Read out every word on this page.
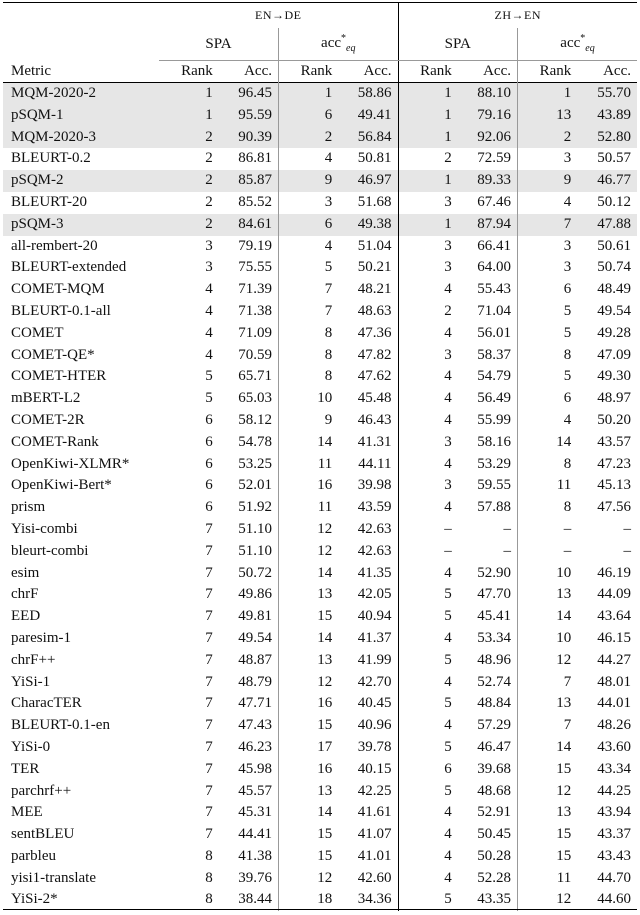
	EN→DE				ZH→EN			
	SPA		acc*$_{eq}$		SPA		acc*$_{eq}$
Metric	Rank	Acc.	Rank	Acc.	Rank	Acc.	Rank	Acc.
MQM-2020-2	1	96.45	1	58.86	1	88.10	1	55.70
pSQM-1	1	95.59	6	49.41	1	79.16	13	43.89
MQM-2020-3	2	90.39	2	56.84	1	92.06	2	52.80
BLEURT-0.2	2	86.81	4	50.81	2	72.59	3	50.57
pSQM-2	2	85.87	9	46.97	1	89.33	9	46.77
BLEURT-20	2	85.52	3	51.68	3	67.46	4	50.12
pSQM-3	2	84.61	6	49.38	1	87.94	7	47.88
all-rembert-20	3	79.19	4	51.04	3	66.41	3	50.61
BLEURT-extended	3	75.55	5	50.21	3	64.00	3	50.74
COMET-MQM	4	71.39	7	48.21	4	55.43	6	48.49
BLEURT-0.1-all	4	71.38	7	48.63	2	71.04	5	49.54
COMET	4	71.09	8	47.36	4	56.01	5	49.28
COMET-QE*	4	70.59	8	47.82	3	58.37	8	47.09
COMET-HTER	5	65.71	8	47.62	4	54.79	5	49.30
mBERT-L2	5	65.03	10	45.48	4	56.49	6	48.97
COMET-2R	6	58.12	9	46.43	4	55.99	4	50.20
COMET-Rank	6	54.78	14	41.31	3	58.16	14	43.57
OpenKiwi-XLMR*	6	53.25	11	44.11	4	53.29	8	47.23
OpenKiwi-Bert*	6	52.01	16	39.98	3	59.55	11	45.13
prism	6	51.92	11	43.59	4	57.88	8	47.56
Yisi-combi	7	51.10	12	42.63	–	–	–	–
bleurt-combi	7	51.10	12	42.63	–	–	–	–
esim	7	50.72	14	41.35	4	52.90	10	46.19
chrF	7	49.86	13	42.05	5	47.70	13	44.09
EED	7	49.81	15	40.94	5	45.41	14	43.64
paresim-1	7	49.54	14	41.37	4	53.34	10	46.15
chrF++	7	48.87	13	41.99	5	48.96	12	44.27
YiSi-1	7	48.79	12	42.70	4	52.74	7	48.01
CharacTER	7	47.71	16	40.45	5	48.84	13	44.01
BLEURT-0.1-en	7	47.43	15	40.96	4	57.29	7	48.26
YiSi-0	7	46.23	17	39.78	5	46.47	14	43.60
TER	7	45.98	16	40.15	6	39.68	15	43.34
parchrf++	7	45.57	13	42.25	5	48.68	12	44.25
MEE	7	45.31	14	41.61	4	52.91	13	43.94
sentBLEU	7	44.41	15	41.07	4	50.45	15	43.37
parbleu	8	41.38	15	41.01	4	50.28	15	43.43
yisi1-translate	8	39.76	12	42.60	4	52.28	11	44.70
YiSi-2*	8	38.44	18	34.36	5	43.35	12	44.60
